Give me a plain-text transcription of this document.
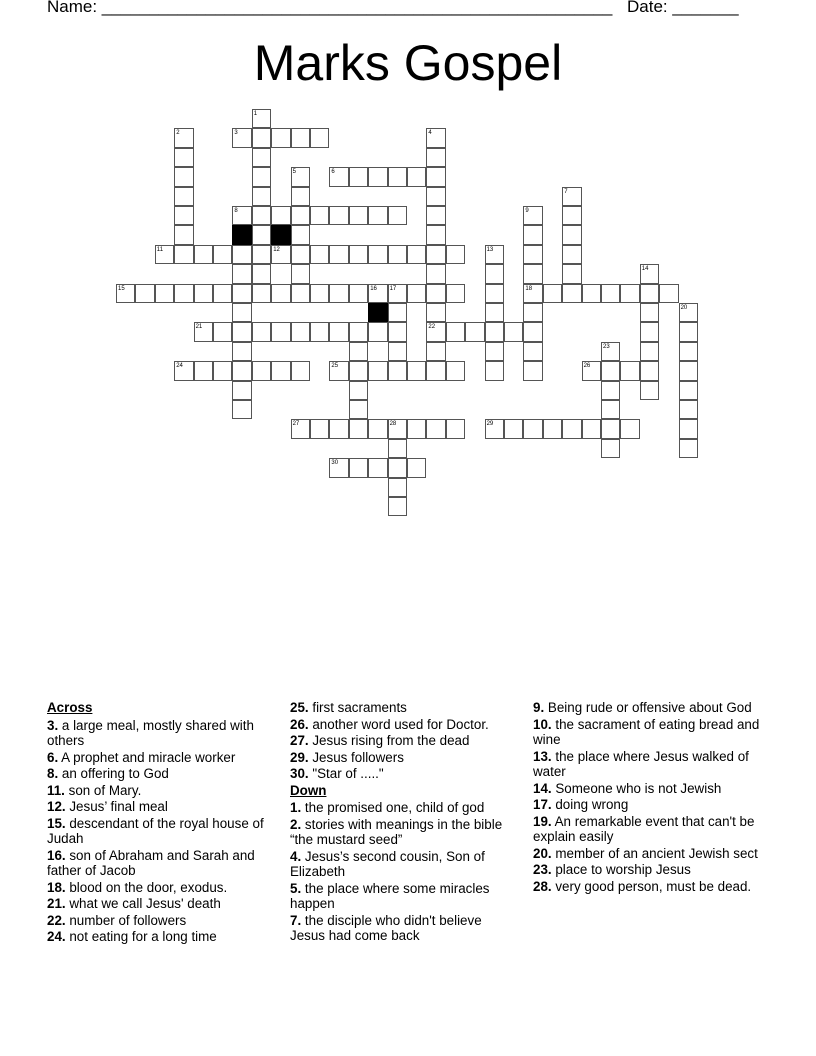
Name: ______________________________________________________ Date: _______
Marks Gospel
3
6
8
11	12
15	16 17	18
21	22
24	25	26
27	28	29
30
1
2	4
5
7
9
13
14
20
23
Across
3. a large meal, mostly shared with others
6. A prophet and miracle worker
8. an offering to God
11. son of Mary.
12. Jesus’ final meal
15. descendant of the royal house of Judah
16. son of Abraham and Sarah and father of Jacob
18. blood on the door, exodus.
21. what we call Jesus' death
22. number of followers
24. not eating for a long time
25. first sacraments
26. another word used for Doctor.
27. Jesus rising from the dead
29. Jesus followers
30. "Star of ....."
Down
1. the promised one, child of god
2. stories with meanings in the bible “the mustard seed”
4. Jesus’s second cousin, Son of Elizabeth
5. the place where some miracles happen
7. the disciple who didn't believe Jesus had come back
9. Being rude or offensive about God
10. the sacrament of eating bread and wine
13. the place where Jesus walked of water
14. Someone who is not Jewish
17. doing wrong
19. An remarkable event that can't be explain easily
20. member of an ancient Jewish sect
23. place to worship Jesus
28. very good person, must be dead.
